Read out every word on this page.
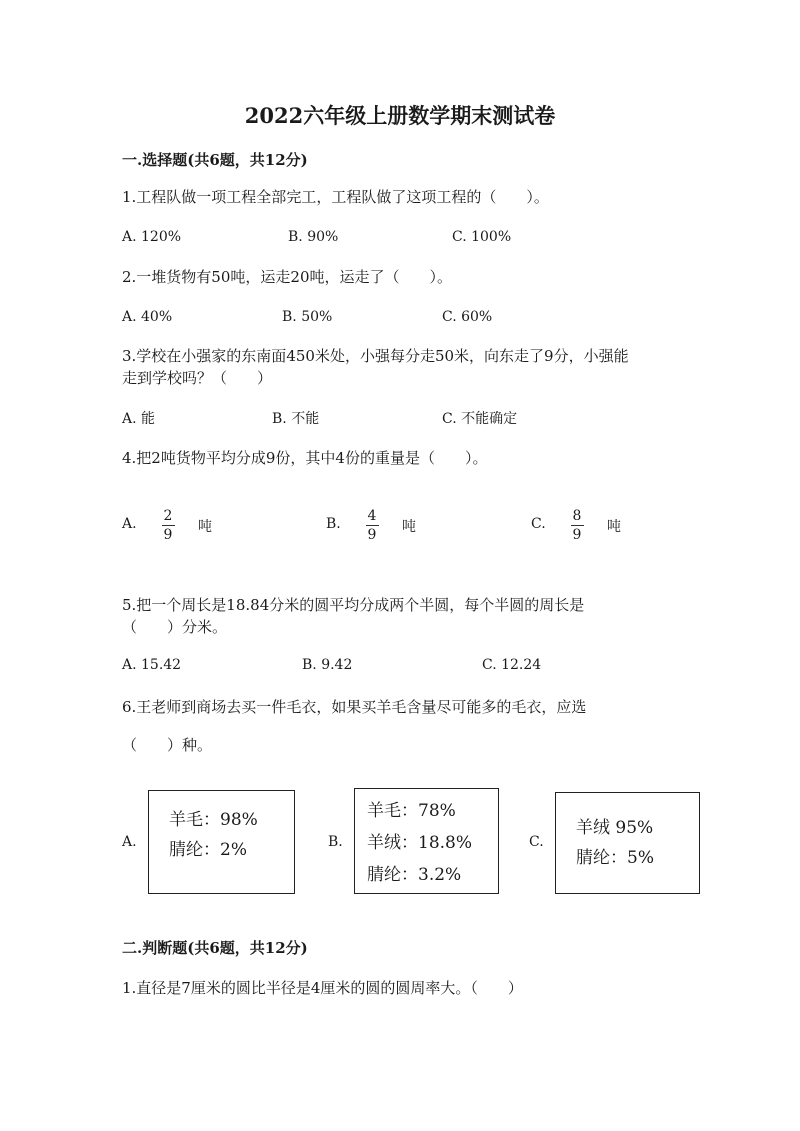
2022六年级上册数学期末测试卷
一.选择题(共6题，共12分)
1.工程队做一项工程全部完工，工程队做了这项工程的（　　）。
A. 120%	B. 90%	C. 100%
2.一堆货物有50吨，运走20吨，运走了（　　）。
A. 40%	B. 50%	C. 60%
3.学校在小强家的东南面450米处，小强每分走50米，向东走了9分，小强能
走到学校吗？（　　）
A. 能	B. 不能	C. 不能确定
4.把2吨货物平均分成9份，其中4份的重量是（　　）。
A. 2
9 吨	B. 4
9 吨	C. 8
9 吨
5.把一个周长是18.84分米的圆平均分成两个半圆，每个半圆的周长是
（　　）分米。
A. 15.42	B. 9.42	C. 12.24
6.王老师到商场去买一件毛衣，如果买羊毛含量尽可能多的毛衣，应选
（　　）种。
A.
羊毛：98%
腈纶：2%	B.
羊毛：78%
羊绒：18.8%
腈纶：3.2%
C.
羊绒 95%
腈纶：5%
二.判断题(共6题，共12分)
1.直径是7厘米的圆比半径是4厘米的圆的圆周率大。（　　）
